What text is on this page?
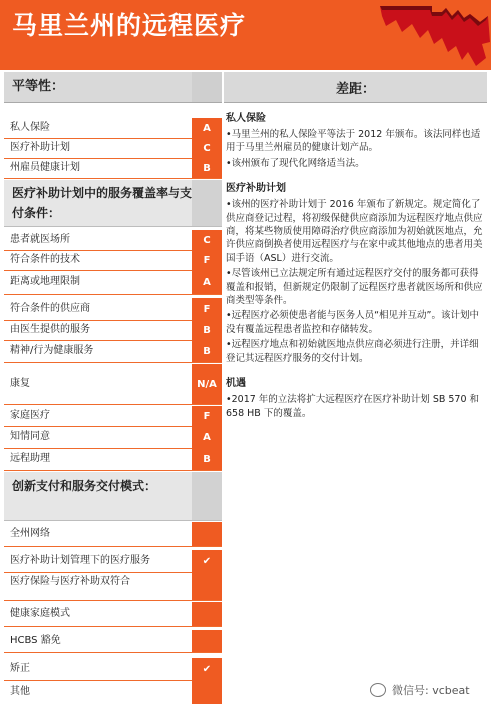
马里兰州的远程医疗
平等性：
私人保险	A
医疗补助计划	C
州雇员健康计划	B
医疗补助计划中的服务覆盖率与支付条件：
患者就医场所	C
符合条件的技术	F
距离或地理限制	A
符合条件的供应商	F
由医生提供的服务	B
精神/行为健康服务	B
康复	N/A
家庭医疗	F
知情同意	A
远程助理	B
创新支付和服务交付模式：
全州网络
医疗补助计划管理下的医疗服务	✔
医疗保险与医疗补助双符合
健康家庭模式
HCBS 豁免
矫正	✔
其他
差距：
私人保险

•马里兰州的私人保险平等法于 2012 年颁布。该法同样也适用于马里兰州雇员的健康计划产品。

•该州颁布了现代化网络适当法。

医疗补助计划

•该州的医疗补助计划于 2016 年颁布了新规定。规定简化了供应商登记过程，将初级保健供应商添加为远程医疗地点供应商，将某些物质使用障碍治疗供应商添加为初始就医地点，允许供应商倒换者使用远程医疗与在家中或其他地点的患者用美国手语（ASL）进行交流。

•尽管该州已立法规定所有通过远程医疗交付的服务都可获得覆盖和报销，但新规定仍限制了远程医疗患者就医场所和供应商类型等条件。

•远程医疗必须使患者能与医务人员“相见并互动”。该计划中没有覆盖远程患者监控和存储转发。

•远程医疗地点和初始就医地点供应商必须进行注册，并详细登记其远程医疗服务的交付计划。

机遇

•2017 年的立法将扩大远程医疗在医疗补助计划 SB 570 和 658 HB 下的覆盖。

微信号: vcbeat
